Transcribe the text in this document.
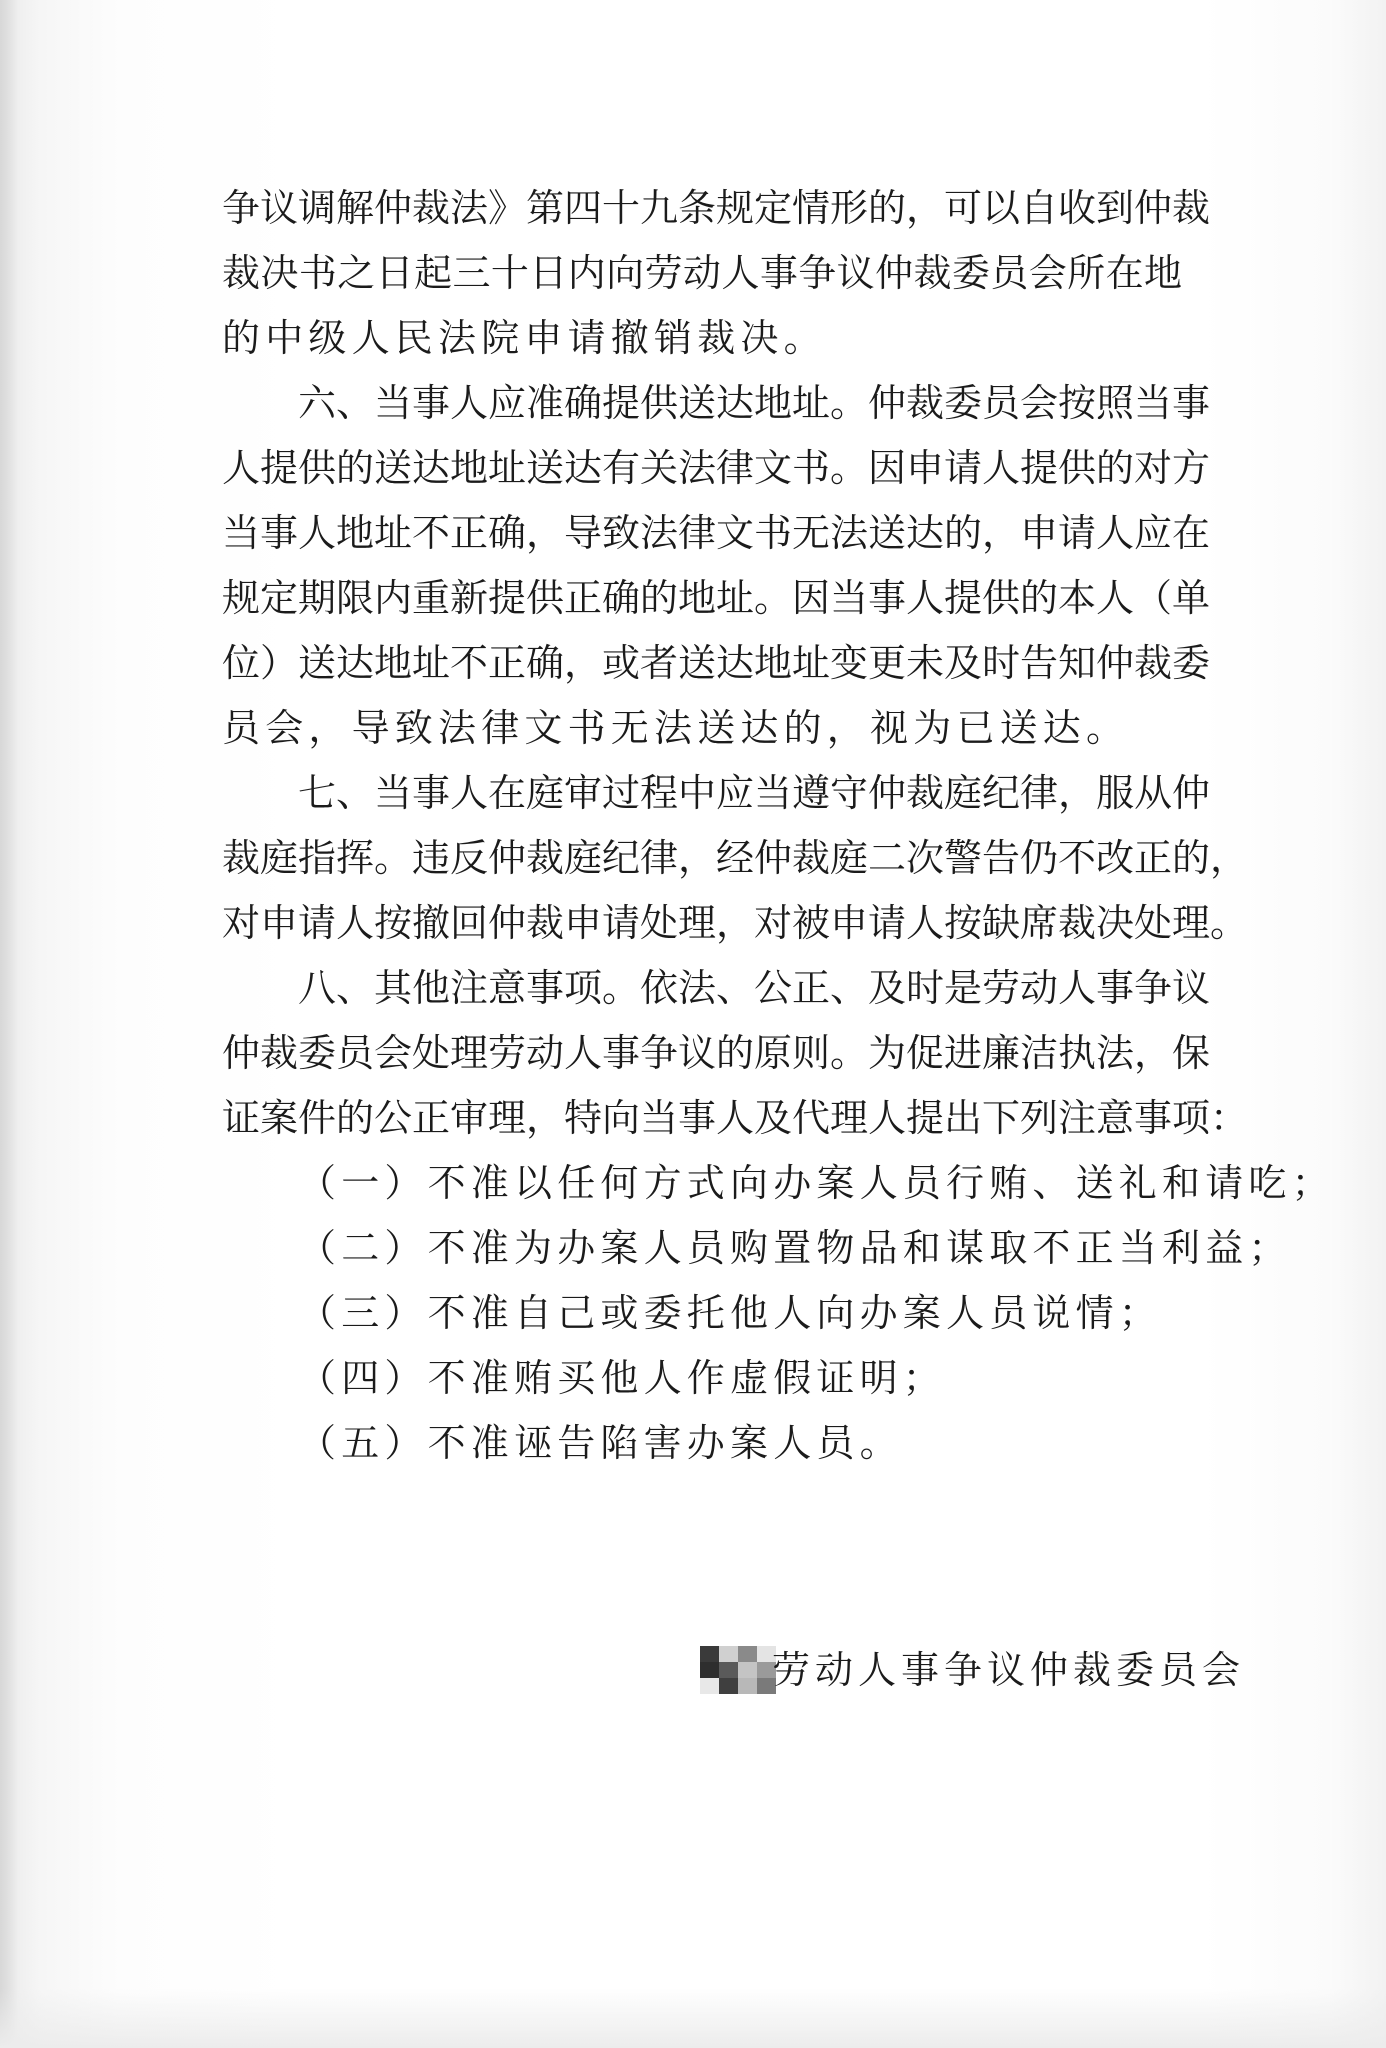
争议调解仲裁法》第四十九条规定情形的，可以自收到仲裁
裁决书之日起三十日内向劳动人事争议仲裁委员会所在地
的中级人民法院申请撤销裁决。
六、当事人应准确提供送达地址。仲裁委员会按照当事
人提供的送达地址送达有关法律文书。因申请人提供的对方
当事人地址不正确，导致法律文书无法送达的，申请人应在
规定期限内重新提供正确的地址。因当事人提供的本人（单
位）送达地址不正确，或者送达地址变更未及时告知仲裁委
员会，导致法律文书无法送达的，视为已送达。
七、当事人在庭审过程中应当遵守仲裁庭纪律，服从仲
裁庭指挥。违反仲裁庭纪律，经仲裁庭二次警告仍不改正的，
对申请人按撤回仲裁申请处理，对被申请人按缺席裁决处理。
八、其他注意事项。依法、公正、及时是劳动人事争议
仲裁委员会处理劳动人事争议的原则。为促进廉洁执法，保
证案件的公正审理，特向当事人及代理人提出下列注意事项：
（一）不准以任何方式向办案人员行贿、送礼和请吃；
（二）不准为办案人员购置物品和谋取不正当利益；
（三）不准自己或委托他人向办案人员说情；
（四）不准贿买他人作虚假证明；
（五）不准诬告陷害办案人员。
劳动人事争议仲裁委员会
